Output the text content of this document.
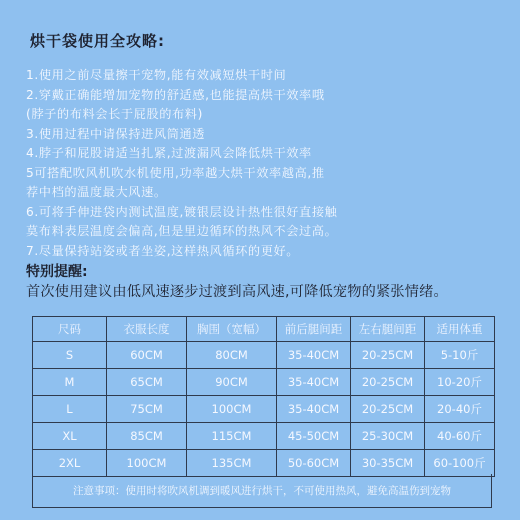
烘干袋使用全攻略:
1.使用之前尽量擦干宠物,能有效减短烘干时间
2.穿戴正确能增加宠物的舒适感,也能提高烘干效率哦
(脖子的布料会长于屁股的布料)
3.使用过程中请保持进风筒通透
4.脖子和屁股请适当扎紧,过渡漏风会降低烘干效率
5可搭配吹风机吹水机使用,功率越大烘干效率越高,推
荐中档的温度最大风速。
6.可将手伸进袋内测试温度,镀银层设计热性很好直接触
莫布料表层温度会偏高,但是里边循环的热风不会过高。
7.尽量保持站姿或者坐姿,这样热风循环的更好。
特别提醒:
首次使用建议由低风速逐步过渡到高风速,可降低宠物的紧张情绪。
尺码	衣服长度	胸围（宽幅）	前后腿间距	左右腿间距	适用体重
S	60CM	80CM	35-40CM	20-25CM	5-10斤
M	65CM	90CM	35-40CM	20-25CM	10-20斤
L	75CM	100CM	35-40CM	20-25CM	20-40斤
XL	85CM	115CM	45-50CM	25-30CM	40-60斤
2XL	100CM	135CM	50-60CM	30-35CM	60-100斤
注意事项：使用时将吹风机调到暖风进行烘干，不可使用热风，避免高温伤到宠物
